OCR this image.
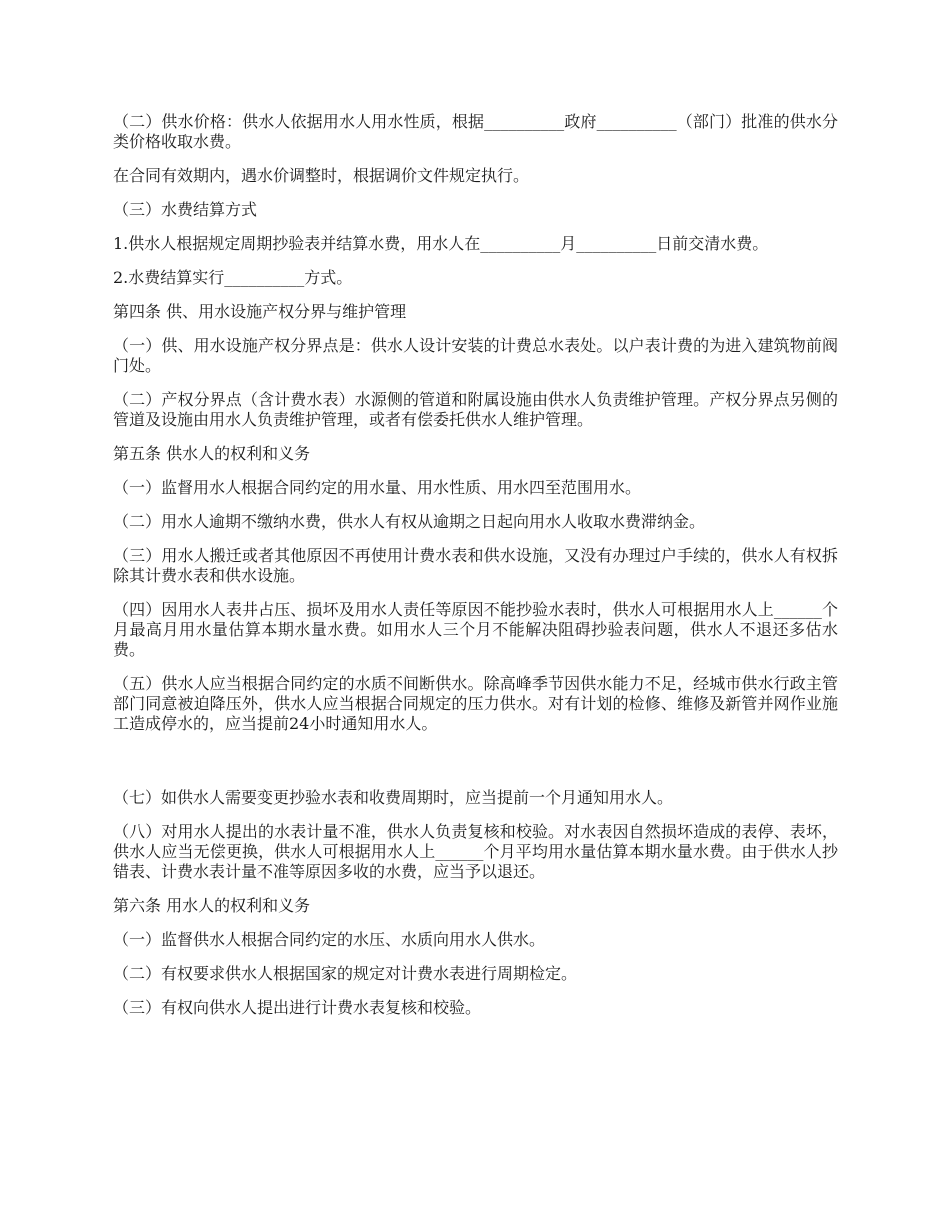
（二）供水价格：供水人依据用水人用水性质，根据__________政府__________（部门）批准的供水分类价格收取水费。

在合同有效期内，遇水价调整时，根据调价文件规定执行。

（三）水费结算方式

1.供水人根据规定周期抄验表并结算水费，用水人在__________月__________日前交清水费。

2.水费结算实行__________方式。

第四条 供、用水设施产权分界与维护管理

（一）供、用水设施产权分界点是：供水人设计安装的计费总水表处。以户表计费的为进入建筑物前阀门处。

（二）产权分界点（含计费水表）水源侧的管道和附属设施由供水人负责维护管理。产权分界点另侧的管道及设施由用水人负责维护管理，或者有偿委托供水人维护管理。

第五条 供水人的权利和义务

（一）监督用水人根据合同约定的用水量、用水性质、用水四至范围用水。

（二）用水人逾期不缴纳水费，供水人有权从逾期之日起向用水人收取水费滞纳金。

（三）用水人搬迁或者其他原因不再使用计费水表和供水设施，又没有办理过户手续的，供水人有权拆除其计费水表和供水设施。

（四）因用水人表井占压、损坏及用水人责任等原因不能抄验水表时，供水人可根据用水人上______个月最高月用水量估算本期水量水费。如用水人三个月不能解决阻碍抄验表问题，供水人不退还多估水费。

（五）供水人应当根据合同约定的水质不间断供水。除高峰季节因供水能力不足，经城市供水行政主管部门同意被迫降压外，供水人应当根据合同规定的压力供水。对有计划的检修、维修及新管并网作业施工造成停水的，应当提前24小时通知用水人。

（七）如供水人需要变更抄验水表和收费周期时，应当提前一个月通知用水人。

（八）对用水人提出的水表计量不准，供水人负责复核和校验。对水表因自然损坏造成的表停、表坏，供水人应当无偿更换，供水人可根据用水人上______个月平均用水量估算本期水量水费。由于供水人抄错表、计费水表计量不准等原因多收的水费，应当予以退还。

第六条 用水人的权利和义务

（一）监督供水人根据合同约定的水压、水质向用水人供水。

（二）有权要求供水人根据国家的规定对计费水表进行周期检定。

（三）有权向供水人提出进行计费水表复核和校验。
